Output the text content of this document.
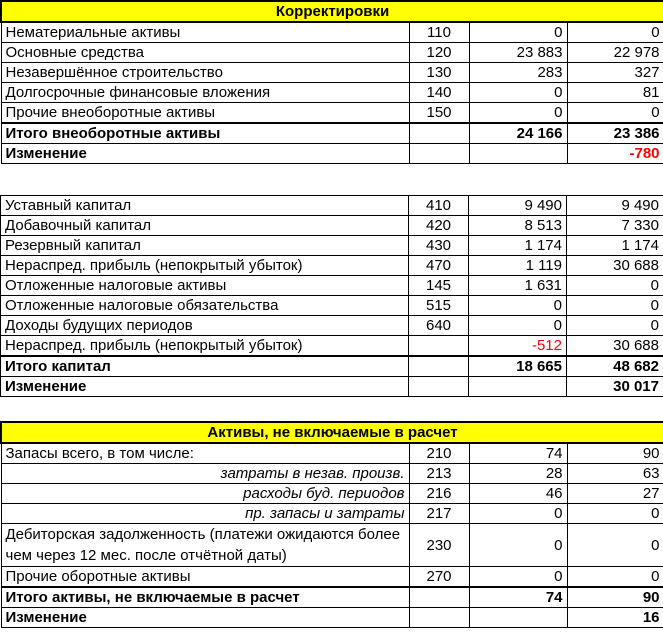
Корректировки			
Нематериальные активы	110	0	0
Основные средства	120	23 883	22 978
Незавершённое строительство	130	283	327
Долгосрочные финансовые вложения	140	0	81
Прочие внеоборотные активы	150	0	0
Итого внеоборотные активы		24 166	23 386
Изменение			-780
Уставный капитал	410	9 490	9 490
Добавочный капитал	420	8 513	7 330
Резервный капитал	430	1 174	1 174
Нераспред. прибыль (непокрытый убыток)	470	1 119	30 688
Отложенные налоговые активы	145	1 631	0
Отложенные налоговые обязательства	515	0	0
Доходы будущих периодов	640	0	0
Нераспред. прибыль (непокрытый убыток)		-512	30 688
Итого капитал		18 665	48 682
Изменение			30 017
Активы, не включаемые в расчет			
Запасы всего, в том числе:	210	74	90
затраты в незав. произв.	213	28	63
расходы буд. периодов	216	46	27
пр. запасы и затраты	217	0	0
Дебиторская задолженность (платежи ожидаются более чем через 12 мес. после отчётной даты)	230	0	0
Прочие оборотные активы	270	0	0
Итого активы, не включаемые в расчет		74	90
Изменение			16
